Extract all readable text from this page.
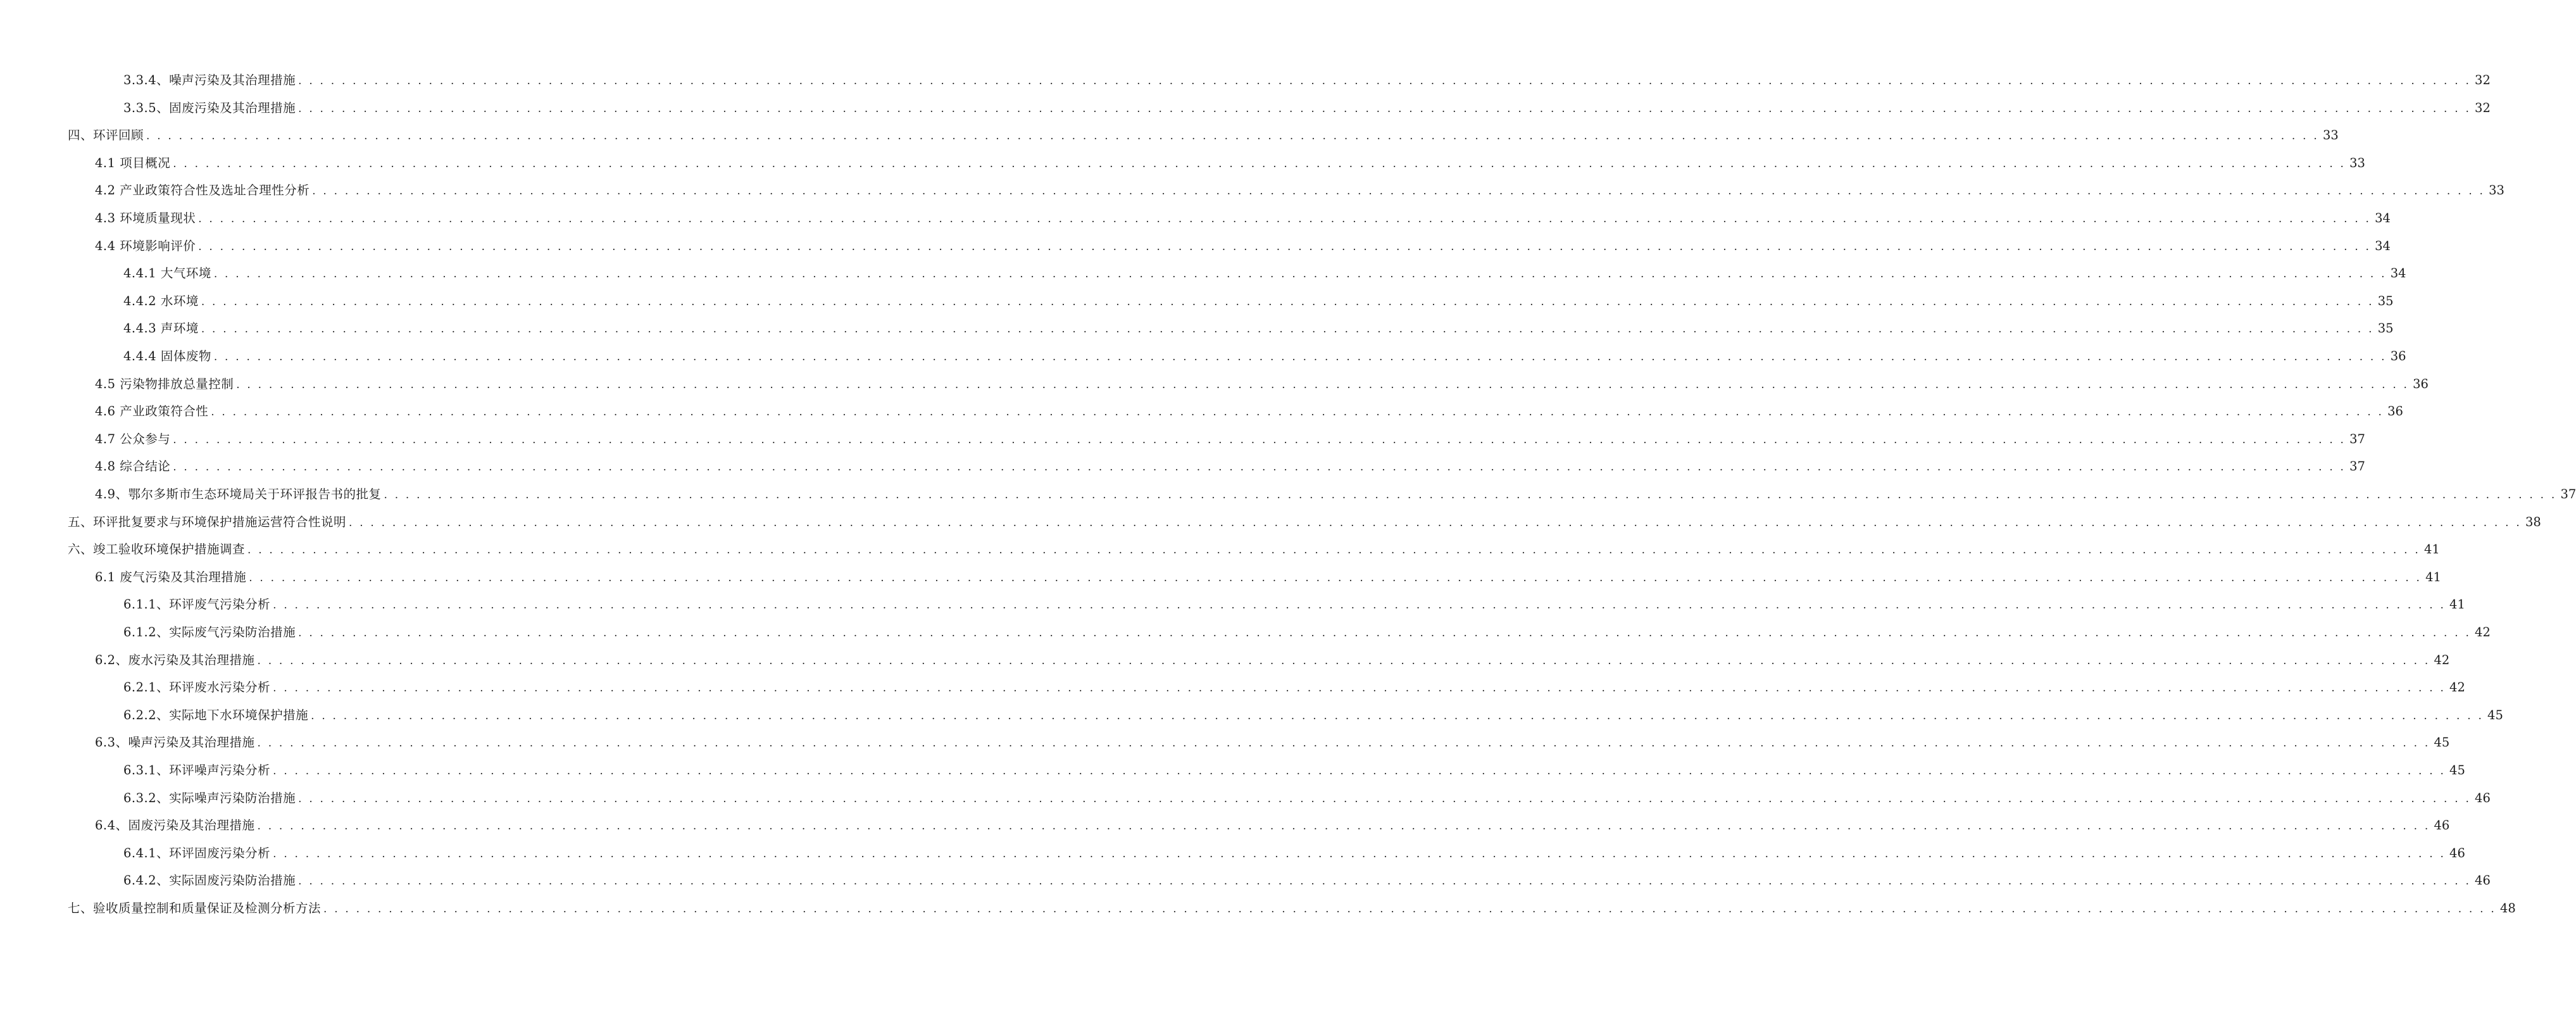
3.3.4、噪声污染及其治理措施 . . . . . . . . . . . . . . . . . . . . . . . . . . . . . . . . . . . . . . . . . . . . . . . . . . . . . . . . . . . . . . . . . . . . . . . . . . . . . . . . . . . . . . . . . . . . . . . . . . . . . . . . . . . . . . . . . . . . . . . . . . . . . . . . . . . . . . . . . . . . . . . . . . . . . . . . . . . . . . . . . . . . . . . . . . . . . . . . . . . . . . . . . . . . . . . . . . . . . . . . 32
3.3.5、固废污染及其治理措施 . . . . . . . . . . . . . . . . . . . . . . . . . . . . . . . . . . . . . . . . . . . . . . . . . . . . . . . . . . . . . . . . . . . . . . . . . . . . . . . . . . . . . . . . . . . . . . . . . . . . . . . . . . . . . . . . . . . . . . . . . . . . . . . . . . . . . . . . . . . . . . . . . . . . . . . . . . . . . . . . . . . . . . . . . . . . . . . . . . . . . . . . . . . . . . . . . . . . . . . . 32
四、环评回顾 . . . . . . . . . . . . . . . . . . . . . . . . . . . . . . . . . . . . . . . . . . . . . . . . . . . . . . . . . . . . . . . . . . . . . . . . . . . . . . . . . . . . . . . . . . . . . . . . . . . . . . . . . . . . . . . . . . . . . . . . . . . . . . . . . . . . . . . . . . . . . . . . . . . . . . . . . . . . . . . . . . . . . . . . . . . . . . . . . . . . . . . . . . . . . . . . . . . . . . . . 33
4.1 项目概况 . . . . . . . . . . . . . . . . . . . . . . . . . . . . . . . . . . . . . . . . . . . . . . . . . . . . . . . . . . . . . . . . . . . . . . . . . . . . . . . . . . . . . . . . . . . . . . . . . . . . . . . . . . . . . . . . . . . . . . . . . . . . . . . . . . . . . . . . . . . . . . . . . . . . . . . . . . . . . . . . . . . . . . . . . . . . . . . . . . . . . . . . . . . . . . . . . . . . . . . . 33
4.2 产业政策符合性及选址合理性分析 . . . . . . . . . . . . . . . . . . . . . . . . . . . . . . . . . . . . . . . . . . . . . . . . . . . . . . . . . . . . . . . . . . . . . . . . . . . . . . . . . . . . . . . . . . . . . . . . . . . . . . . . . . . . . . . . . . . . . . . . . . . . . . . . . . . . . . . . . . . . . . . . . . . . . . . . . . . . . . . . . . . . . . . . . . . . . . . . . . . . . . . . . . . . . . . . . . . . . . . . 33
4.3 环境质量现状 . . . . . . . . . . . . . . . . . . . . . . . . . . . . . . . . . . . . . . . . . . . . . . . . . . . . . . . . . . . . . . . . . . . . . . . . . . . . . . . . . . . . . . . . . . . . . . . . . . . . . . . . . . . . . . . . . . . . . . . . . . . . . . . . . . . . . . . . . . . . . . . . . . . . . . . . . . . . . . . . . . . . . . . . . . . . . . . . . . . . . . . . . . . . . . . . . . . . . . . . 34
4.4 环境影响评价 . . . . . . . . . . . . . . . . . . . . . . . . . . . . . . . . . . . . . . . . . . . . . . . . . . . . . . . . . . . . . . . . . . . . . . . . . . . . . . . . . . . . . . . . . . . . . . . . . . . . . . . . . . . . . . . . . . . . . . . . . . . . . . . . . . . . . . . . . . . . . . . . . . . . . . . . . . . . . . . . . . . . . . . . . . . . . . . . . . . . . . . . . . . . . . . . . . . . . . . . 34
4.4.1 大气环境 . . . . . . . . . . . . . . . . . . . . . . . . . . . . . . . . . . . . . . . . . . . . . . . . . . . . . . . . . . . . . . . . . . . . . . . . . . . . . . . . . . . . . . . . . . . . . . . . . . . . . . . . . . . . . . . . . . . . . . . . . . . . . . . . . . . . . . . . . . . . . . . . . . . . . . . . . . . . . . . . . . . . . . . . . . . . . . . . . . . . . . . . . . . . . . . . . . . . . . . . 34
4.4.2 水环境 . . . . . . . . . . . . . . . . . . . . . . . . . . . . . . . . . . . . . . . . . . . . . . . . . . . . . . . . . . . . . . . . . . . . . . . . . . . . . . . . . . . . . . . . . . . . . . . . . . . . . . . . . . . . . . . . . . . . . . . . . . . . . . . . . . . . . . . . . . . . . . . . . . . . . . . . . . . . . . . . . . . . . . . . . . . . . . . . . . . . . . . . . . . . . . . . . . . . . . . . 35
4.4.3 声环境 . . . . . . . . . . . . . . . . . . . . . . . . . . . . . . . . . . . . . . . . . . . . . . . . . . . . . . . . . . . . . . . . . . . . . . . . . . . . . . . . . . . . . . . . . . . . . . . . . . . . . . . . . . . . . . . . . . . . . . . . . . . . . . . . . . . . . . . . . . . . . . . . . . . . . . . . . . . . . . . . . . . . . . . . . . . . . . . . . . . . . . . . . . . . . . . . . . . . . . . . 35
4.4.4 固体废物 . . . . . . . . . . . . . . . . . . . . . . . . . . . . . . . . . . . . . . . . . . . . . . . . . . . . . . . . . . . . . . . . . . . . . . . . . . . . . . . . . . . . . . . . . . . . . . . . . . . . . . . . . . . . . . . . . . . . . . . . . . . . . . . . . . . . . . . . . . . . . . . . . . . . . . . . . . . . . . . . . . . . . . . . . . . . . . . . . . . . . . . . . . . . . . . . . . . . . . . . 36
4.5 污染物排放总量控制 . . . . . . . . . . . . . . . . . . . . . . . . . . . . . . . . . . . . . . . . . . . . . . . . . . . . . . . . . . . . . . . . . . . . . . . . . . . . . . . . . . . . . . . . . . . . . . . . . . . . . . . . . . . . . . . . . . . . . . . . . . . . . . . . . . . . . . . . . . . . . . . . . . . . . . . . . . . . . . . . . . . . . . . . . . . . . . . . . . . . . . . . . . . . . . . . . . . . . . . . 36
4.6 产业政策符合性 . . . . . . . . . . . . . . . . . . . . . . . . . . . . . . . . . . . . . . . . . . . . . . . . . . . . . . . . . . . . . . . . . . . . . . . . . . . . . . . . . . . . . . . . . . . . . . . . . . . . . . . . . . . . . . . . . . . . . . . . . . . . . . . . . . . . . . . . . . . . . . . . . . . . . . . . . . . . . . . . . . . . . . . . . . . . . . . . . . . . . . . . . . . . . . . . . . . . . . . . 36
4.7 公众参与 . . . . . . . . . . . . . . . . . . . . . . . . . . . . . . . . . . . . . . . . . . . . . . . . . . . . . . . . . . . . . . . . . . . . . . . . . . . . . . . . . . . . . . . . . . . . . . . . . . . . . . . . . . . . . . . . . . . . . . . . . . . . . . . . . . . . . . . . . . . . . . . . . . . . . . . . . . . . . . . . . . . . . . . . . . . . . . . . . . . . . . . . . . . . . . . . . . . . . . . . 37
4.8 综合结论 . . . . . . . . . . . . . . . . . . . . . . . . . . . . . . . . . . . . . . . . . . . . . . . . . . . . . . . . . . . . . . . . . . . . . . . . . . . . . . . . . . . . . . . . . . . . . . . . . . . . . . . . . . . . . . . . . . . . . . . . . . . . . . . . . . . . . . . . . . . . . . . . . . . . . . . . . . . . . . . . . . . . . . . . . . . . . . . . . . . . . . . . . . . . . . . . . . . . . . . . 37
4.9、鄂尔多斯市生态环境局关于环评报告书的批复 . . . . . . . . . . . . . . . . . . . . . . . . . . . . . . . . . . . . . . . . . . . . . . . . . . . . . . . . . . . . . . . . . . . . . . . . . . . . . . . . . . . . . . . . . . . . . . . . . . . . . . . . . . . . . . . . . . . . . . . . . . . . . . . . . . . . . . . . . . . . . . . . . . . . . . . . . . . . . . . . . . . . . . . . . . . . . . . . . . . . . . . . . . . . . . . . . . . . . . . . 37
五、环评批复要求与环境保护措施运营符合性说明 . . . . . . . . . . . . . . . . . . . . . . . . . . . . . . . . . . . . . . . . . . . . . . . . . . . . . . . . . . . . . . . . . . . . . . . . . . . . . . . . . . . . . . . . . . . . . . . . . . . . . . . . . . . . . . . . . . . . . . . . . . . . . . . . . . . . . . . . . . . . . . . . . . . . . . . . . . . . . . . . . . . . . . . . . . . . . . . . . . . . . . . . . . . . . . . . . . . . . . . . 38
六、竣工验收环境保护措施调查 . . . . . . . . . . . . . . . . . . . . . . . . . . . . . . . . . . . . . . . . . . . . . . . . . . . . . . . . . . . . . . . . . . . . . . . . . . . . . . . . . . . . . . . . . . . . . . . . . . . . . . . . . . . . . . . . . . . . . . . . . . . . . . . . . . . . . . . . . . . . . . . . . . . . . . . . . . . . . . . . . . . . . . . . . . . . . . . . . . . . . . . . . . . . . . . . . . . . . . . . 41
6.1 废气污染及其治理措施 . . . . . . . . . . . . . . . . . . . . . . . . . . . . . . . . . . . . . . . . . . . . . . . . . . . . . . . . . . . . . . . . . . . . . . . . . . . . . . . . . . . . . . . . . . . . . . . . . . . . . . . . . . . . . . . . . . . . . . . . . . . . . . . . . . . . . . . . . . . . . . . . . . . . . . . . . . . . . . . . . . . . . . . . . . . . . . . . . . . . . . . . . . . . . . . . . . . . . . . . 41
6.1.1、环评废气污染分析 . . . . . . . . . . . . . . . . . . . . . . . . . . . . . . . . . . . . . . . . . . . . . . . . . . . . . . . . . . . . . . . . . . . . . . . . . . . . . . . . . . . . . . . . . . . . . . . . . . . . . . . . . . . . . . . . . . . . . . . . . . . . . . . . . . . . . . . . . . . . . . . . . . . . . . . . . . . . . . . . . . . . . . . . . . . . . . . . . . . . . . . . . . . . . . . . . . . . . . . . 41
6.1.2、实际废气污染防治措施 . . . . . . . . . . . . . . . . . . . . . . . . . . . . . . . . . . . . . . . . . . . . . . . . . . . . . . . . . . . . . . . . . . . . . . . . . . . . . . . . . . . . . . . . . . . . . . . . . . . . . . . . . . . . . . . . . . . . . . . . . . . . . . . . . . . . . . . . . . . . . . . . . . . . . . . . . . . . . . . . . . . . . . . . . . . . . . . . . . . . . . . . . . . . . . . . . . . . . . . . 42
6.2、废水污染及其治理措施 . . . . . . . . . . . . . . . . . . . . . . . . . . . . . . . . . . . . . . . . . . . . . . . . . . . . . . . . . . . . . . . . . . . . . . . . . . . . . . . . . . . . . . . . . . . . . . . . . . . . . . . . . . . . . . . . . . . . . . . . . . . . . . . . . . . . . . . . . . . . . . . . . . . . . . . . . . . . . . . . . . . . . . . . . . . . . . . . . . . . . . . . . . . . . . . . . . . . . . . . 42
6.2.1、环评废水污染分析 . . . . . . . . . . . . . . . . . . . . . . . . . . . . . . . . . . . . . . . . . . . . . . . . . . . . . . . . . . . . . . . . . . . . . . . . . . . . . . . . . . . . . . . . . . . . . . . . . . . . . . . . . . . . . . . . . . . . . . . . . . . . . . . . . . . . . . . . . . . . . . . . . . . . . . . . . . . . . . . . . . . . . . . . . . . . . . . . . . . . . . . . . . . . . . . . . . . . . . . . 42
6.2.2、实际地下水环境保护措施 . . . . . . . . . . . . . . . . . . . . . . . . . . . . . . . . . . . . . . . . . . . . . . . . . . . . . . . . . . . . . . . . . . . . . . . . . . . . . . . . . . . . . . . . . . . . . . . . . . . . . . . . . . . . . . . . . . . . . . . . . . . . . . . . . . . . . . . . . . . . . . . . . . . . . . . . . . . . . . . . . . . . . . . . . . . . . . . . . . . . . . . . . . . . . . . . . . . . . . . . 45
6.3、噪声污染及其治理措施 . . . . . . . . . . . . . . . . . . . . . . . . . . . . . . . . . . . . . . . . . . . . . . . . . . . . . . . . . . . . . . . . . . . . . . . . . . . . . . . . . . . . . . . . . . . . . . . . . . . . . . . . . . . . . . . . . . . . . . . . . . . . . . . . . . . . . . . . . . . . . . . . . . . . . . . . . . . . . . . . . . . . . . . . . . . . . . . . . . . . . . . . . . . . . . . . . . . . . . . . 45
6.3.1、环评噪声污染分析 . . . . . . . . . . . . . . . . . . . . . . . . . . . . . . . . . . . . . . . . . . . . . . . . . . . . . . . . . . . . . . . . . . . . . . . . . . . . . . . . . . . . . . . . . . . . . . . . . . . . . . . . . . . . . . . . . . . . . . . . . . . . . . . . . . . . . . . . . . . . . . . . . . . . . . . . . . . . . . . . . . . . . . . . . . . . . . . . . . . . . . . . . . . . . . . . . . . . . . . . 45
6.3.2、实际噪声污染防治措施 . . . . . . . . . . . . . . . . . . . . . . . . . . . . . . . . . . . . . . . . . . . . . . . . . . . . . . . . . . . . . . . . . . . . . . . . . . . . . . . . . . . . . . . . . . . . . . . . . . . . . . . . . . . . . . . . . . . . . . . . . . . . . . . . . . . . . . . . . . . . . . . . . . . . . . . . . . . . . . . . . . . . . . . . . . . . . . . . . . . . . . . . . . . . . . . . . . . . . . . . 46
6.4、固废污染及其治理措施 . . . . . . . . . . . . . . . . . . . . . . . . . . . . . . . . . . . . . . . . . . . . . . . . . . . . . . . . . . . . . . . . . . . . . . . . . . . . . . . . . . . . . . . . . . . . . . . . . . . . . . . . . . . . . . . . . . . . . . . . . . . . . . . . . . . . . . . . . . . . . . . . . . . . . . . . . . . . . . . . . . . . . . . . . . . . . . . . . . . . . . . . . . . . . . . . . . . . . . . . 46
6.4.1、环评固废污染分析 . . . . . . . . . . . . . . . . . . . . . . . . . . . . . . . . . . . . . . . . . . . . . . . . . . . . . . . . . . . . . . . . . . . . . . . . . . . . . . . . . . . . . . . . . . . . . . . . . . . . . . . . . . . . . . . . . . . . . . . . . . . . . . . . . . . . . . . . . . . . . . . . . . . . . . . . . . . . . . . . . . . . . . . . . . . . . . . . . . . . . . . . . . . . . . . . . . . . . . . . 46
6.4.2、实际固废污染防治措施 . . . . . . . . . . . . . . . . . . . . . . . . . . . . . . . . . . . . . . . . . . . . . . . . . . . . . . . . . . . . . . . . . . . . . . . . . . . . . . . . . . . . . . . . . . . . . . . . . . . . . . . . . . . . . . . . . . . . . . . . . . . . . . . . . . . . . . . . . . . . . . . . . . . . . . . . . . . . . . . . . . . . . . . . . . . . . . . . . . . . . . . . . . . . . . . . . . . . . . . . 46
七、验收质量控制和质量保证及检测分析方法 . . . . . . . . . . . . . . . . . . . . . . . . . . . . . . . . . . . . . . . . . . . . . . . . . . . . . . . . . . . . . . . . . . . . . . . . . . . . . . . . . . . . . . . . . . . . . . . . . . . . . . . . . . . . . . . . . . . . . . . . . . . . . . . . . . . . . . . . . . . . . . . . . . . . . . . . . . . . . . . . . . . . . . . . . . . . . . . . . . . . . . . . . . . . . . . . . . . . . . . . 48
